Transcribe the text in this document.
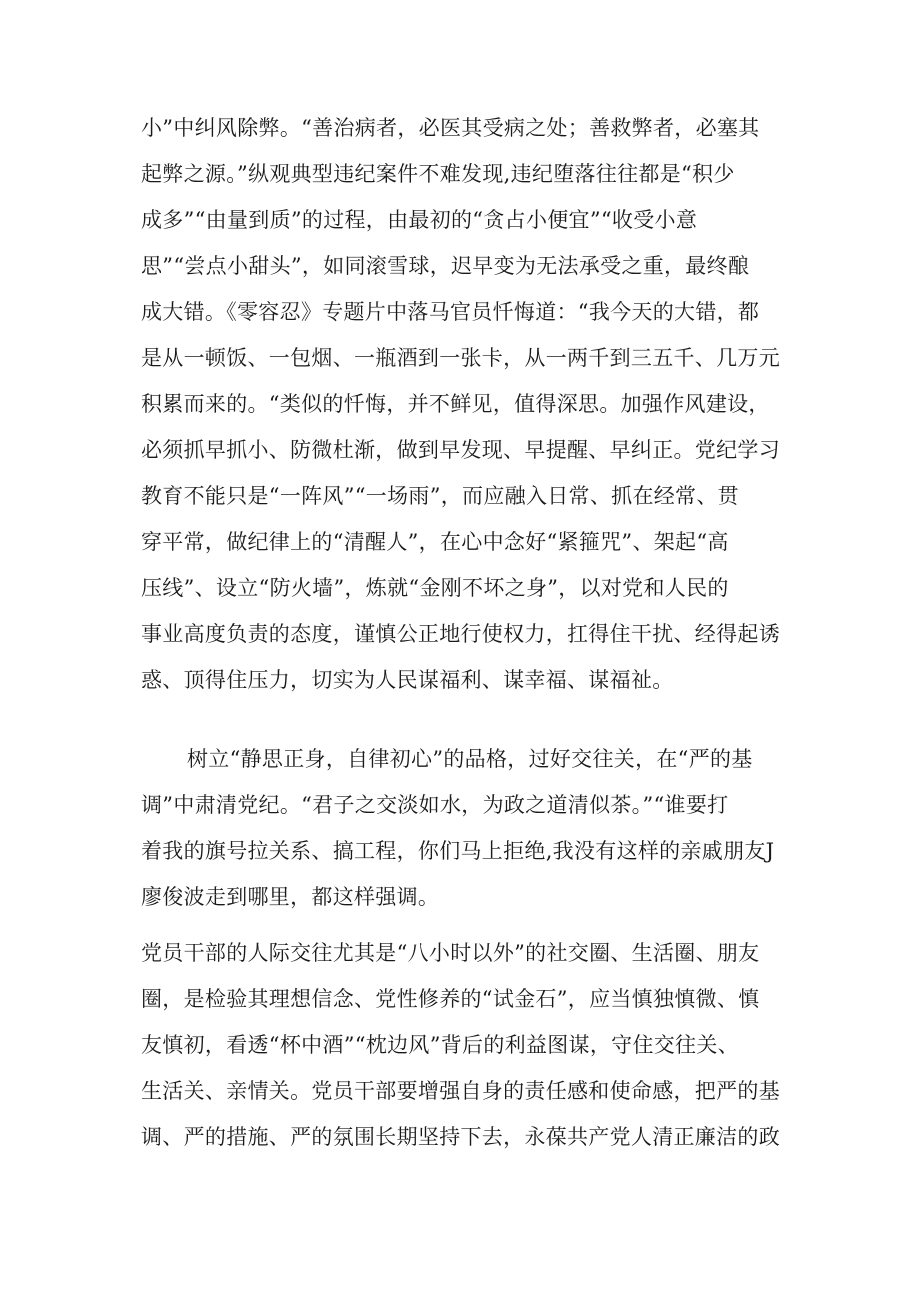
小”中纠风除弊。“善治病者，必医其受病之处；善救弊者，必塞其
起弊之源。”纵观典型违纪案件不难发现,违纪堕落往往都是“积少
成多”“由量到质”的过程，由最初的“贪占小便宜”“收受小意
思”“尝点小甜头”，如同滚雪球，迟早变为无法承受之重，最终酿
成大错。《零容忍》专题片中落马官员忏悔道：“我今天的大错，都
是从一顿饭、一包烟、一瓶酒到一张卡，从一两千到三五千、几万元
积累而来的。“类似的忏悔，并不鲜见，值得深思。加强作风建设，
必须抓早抓小、防微杜渐，做到早发现、早提醒、早纠正。党纪学习
教育不能只是“一阵风”“一场雨”，而应融入日常、抓在经常、贯
穿平常，做纪律上的“清醒人”，在心中念好“紧箍咒”、架起“高
压线”、设立“防火墙”，炼就“金刚不坏之身”，以对党和人民的
事业高度负责的态度，谨慎公正地行使权力，扛得住干扰、经得起诱
惑、顶得住压力，切实为人民谋福利、谋幸福、谋福祉。
树立“静思正身，自律初心”的品格，过好交往关，在“严的基
调”中肃清党纪。“君子之交淡如水，为政之道清似茶。”“谁要打
着我的旗号拉关系、搞工程，你们马上拒绝,我没有这样的亲戚朋友J
廖俊波走到哪里，都这样强调。
党员干部的人际交往尤其是“八小时以外”的社交圈、生活圈、朋友
圈，是检验其理想信念、党性修养的“试金石”，应当慎独慎微、慎
友慎初，看透“杯中酒”“枕边风”背后的利益图谋，守住交往关、
生活关、亲情关。党员干部要增强自身的责任感和使命感，把严的基
调、严的措施、严的氛围长期坚持下去，永葆共产党人清正廉洁的政
